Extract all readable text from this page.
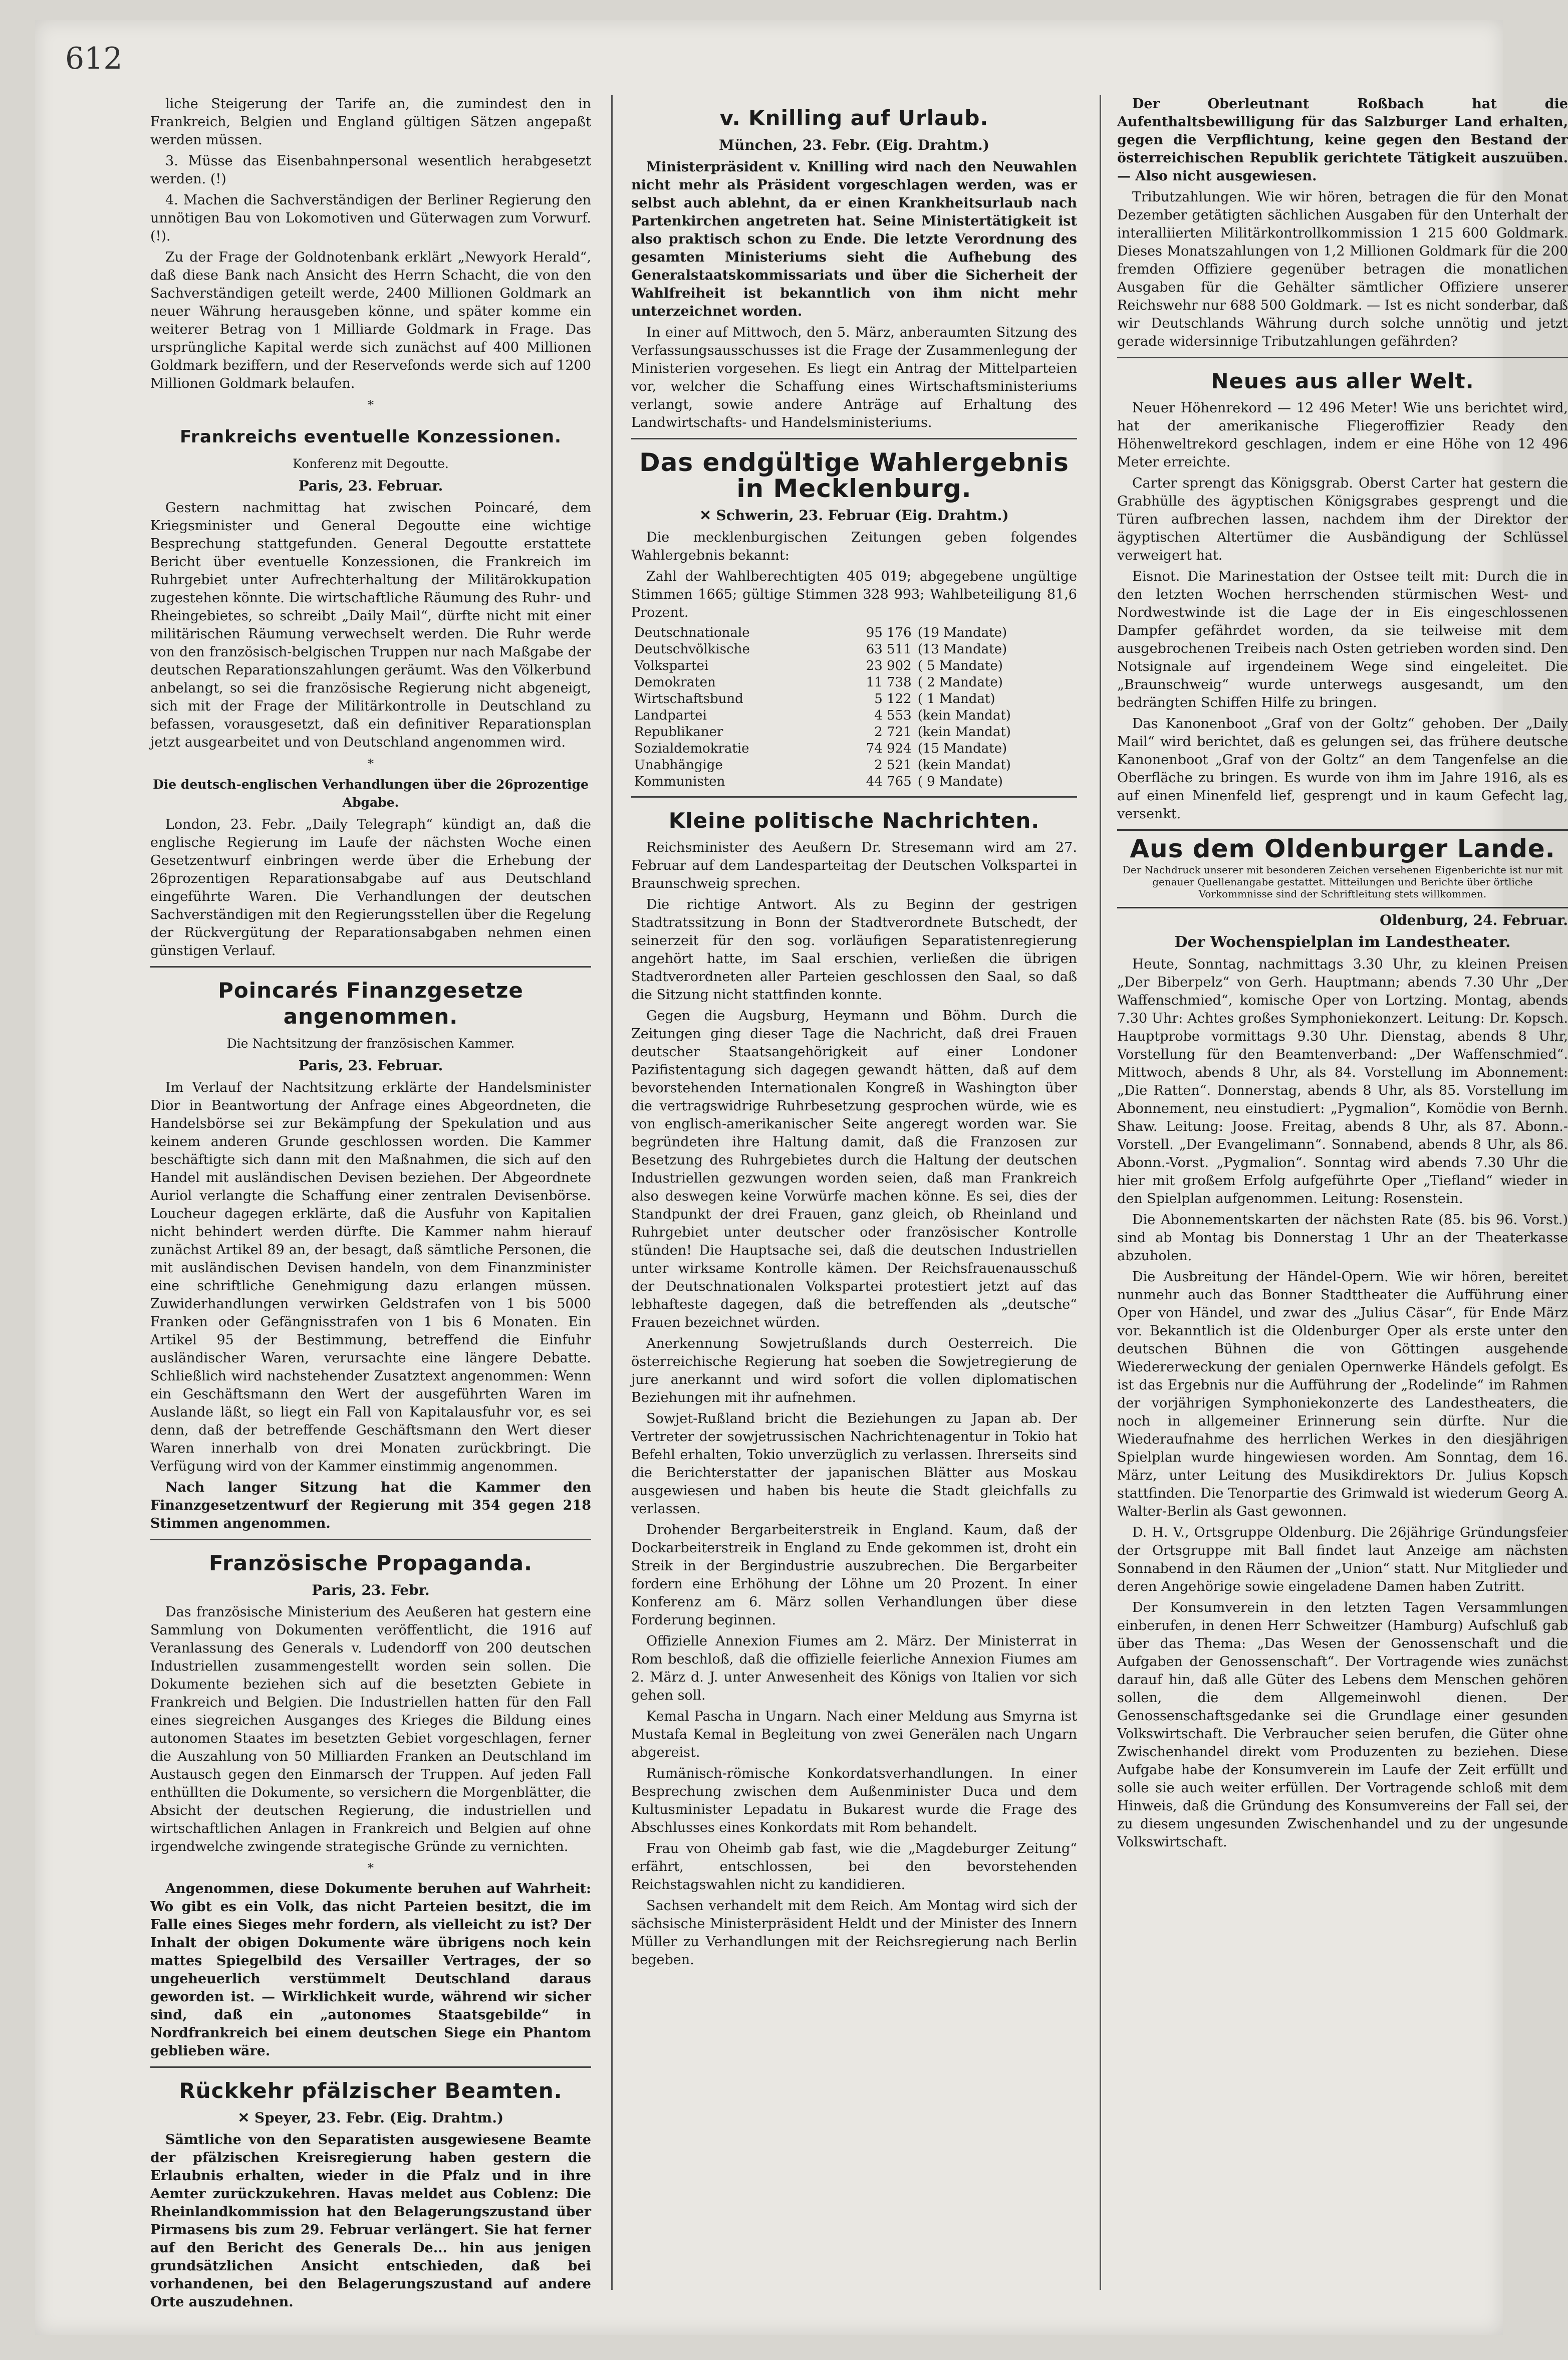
612

liche Steigerung der Tarife an, die zumindest den in Frankreich, Belgien und England gültigen Sätzen angepaßt werden müssen.

3. Müsse das Eisenbahnpersonal wesentlich herabgesetzt werden. (!)

4. Machen die Sachverständigen der Berliner Regierung den unnötigen Bau von Lokomotiven und Güterwagen zum Vorwurf. (!).

Zu der Frage der Goldnotenbank erklärt „Newyork Herald“, daß diese Bank nach Ansicht des Herrn Schacht, die von den Sachverständigen geteilt werde, 2400 Millionen Goldmark an neuer Währung herausgeben könne, und später komme ein weiterer Betrag von 1 Milliarde Goldmark in Frage. Das ursprüngliche Kapital werde sich zunächst auf 400 Millionen Goldmark beziffern, und der Reservefonds werde sich auf 1200 Millionen Goldmark belaufen.

*
Frankreichs eventuelle Konzessionen.
Konferenz mit Degoutte.
Paris, 23. Februar.

Gestern nachmittag hat zwischen Poincaré, dem Kriegsminister und General Degoutte eine wichtige Besprechung stattgefunden. General Degoutte erstattete Bericht über eventuelle Konzessionen, die Frankreich im Ruhrgebiet unter Aufrechterhaltung der Militärokkupation zugestehen könnte. Die wirtschaftliche Räumung des Ruhr- und Rheingebietes, so schreibt „Daily Mail“, dürfte nicht mit einer militärischen Räumung verwechselt werden. Die Ruhr werde von den französisch-belgischen Truppen nur nach Maßgabe der deutschen Reparationszahlungen geräumt. Was den Völkerbund anbelangt, so sei die französische Regierung nicht abgeneigt, sich mit der Frage der Militärkontrolle in Deutschland zu befassen, vorausgesetzt, daß ein definitiver Reparationsplan jetzt ausgearbeitet und von Deutschland angenommen wird.

*
Die deutsch-englischen Verhandlungen über die 26prozentige Abgabe.

London, 23. Febr. „Daily Telegraph“ kündigt an, daß die englische Regierung im Laufe der nächsten Woche einen Gesetzentwurf einbringen werde über die Erhebung der 26prozentigen Reparationsabgabe auf aus Deutschland eingeführte Waren. Die Verhandlungen der deutschen Sachverständigen mit den Regierungsstellen über die Regelung der Rückvergütung der Reparationsabgaben nehmen einen günstigen Verlauf.

Poincarés Finanzgesetze angenommen.
Die Nachtsitzung der französischen Kammer.
Paris, 23. Februar.

Im Verlauf der Nachtsitzung erklärte der Handelsminister Dior in Beantwortung der Anfrage eines Abgeordneten, die Handelsbörse sei zur Bekämpfung der Spekulation und aus keinem anderen Grunde geschlossen worden. Die Kammer beschäftigte sich dann mit den Maßnahmen, die sich auf den Handel mit ausländischen Devisen beziehen. Der Abgeordnete Auriol verlangte die Schaffung einer zentralen Devisenbörse. Loucheur dagegen erklärte, daß die Ausfuhr von Kapitalien nicht behindert werden dürfte. Die Kammer nahm hierauf zunächst Artikel 89 an, der besagt, daß sämtliche Personen, die mit ausländischen Devisen handeln, von dem Finanzminister eine schriftliche Genehmigung dazu erlangen müssen. Zuwiderhandlungen verwirken Geldstrafen von 1 bis 5000 Franken oder Gefängnisstrafen von 1 bis 6 Monaten. Ein Artikel 95 der Bestimmung, betreffend die Einfuhr ausländischer Waren, verursachte eine längere Debatte. Schließlich wird nachstehender Zusatztext angenommen: Wenn ein Geschäftsmann den Wert der ausgeführten Waren im Auslande läßt, so liegt ein Fall von Kapitalausfuhr vor, es sei denn, daß der betreffende Geschäftsmann den Wert dieser Waren innerhalb von drei Monaten zurückbringt. Die Verfügung wird von der Kammer einstimmig angenommen.

Nach langer Sitzung hat die Kammer den Finanzgesetzentwurf der Regierung mit 354 gegen 218 Stimmen angenommen.

Französische Propaganda.
Paris, 23. Febr.

Das französische Ministerium des Aeußeren hat gestern eine Sammlung von Dokumenten veröffentlicht, die 1916 auf Veranlassung des Generals v. Ludendorff von 200 deutschen Industriellen zusammengestellt worden sein sollen. Die Dokumente beziehen sich auf die besetzten Gebiete in Frankreich und Belgien. Die Industriellen hatten für den Fall eines siegreichen Ausganges des Krieges die Bildung eines autonomen Staates im besetzten Gebiet vorgeschlagen, ferner die Auszahlung von 50 Milliarden Franken an Deutschland im Austausch gegen den Einmarsch der Truppen. Auf jeden Fall enthüllten die Dokumente, so versichern die Morgenblätter, die Absicht der deutschen Regierung, die industriellen und wirtschaftlichen Anlagen in Frankreich und Belgien auf ohne irgendwelche zwingende strategische Gründe zu vernichten.

*

Angenommen, diese Dokumente beruhen auf Wahrheit: Wo gibt es ein Volk, das nicht Parteien besitzt, die im Falle eines Sieges mehr fordern, als vielleicht zu ist? Der Inhalt der obigen Dokumente wäre übrigens noch kein mattes Spiegelbild des Versailler Vertrages, der so ungeheuerlich verstümmelt Deutschland daraus geworden ist. — Wirklichkeit wurde, während wir sicher sind, daß ein „autonomes Staatsgebilde“ in Nordfrankreich bei einem deutschen Siege ein Phantom geblieben wäre.

Rückkehr pfälzischer Beamten.
✕ Speyer, 23. Febr. (Eig. Drahtm.)

Sämtliche von den Separatisten ausgewiesene Beamte der pfälzischen Kreisregierung haben gestern die Erlaubnis erhalten, wieder in die Pfalz und in ihre Aemter zurückzukehren. Havas meldet aus Coblenz: Die Rheinlandkommission hat den Belagerungszustand über Pirmasens bis zum 29. Februar verlängert. Sie hat ferner auf den Bericht des Generals De... hin aus jenigen grundsätzlichen Ansicht entschieden, daß bei vorhandenen, bei den Belagerungszustand auf andere Orte auszudehnen.

v. Knilling auf Urlaub.
München, 23. Febr. (Eig. Drahtm.)

Ministerpräsident v. Knilling wird nach den Neuwahlen nicht mehr als Präsident vorgeschlagen werden, was er selbst auch ablehnt, da er einen Krankheitsurlaub nach Partenkirchen angetreten hat. Seine Ministertätigkeit ist also praktisch schon zu Ende. Die letzte Verordnung des gesamten Ministeriums sieht die Aufhebung des Generalstaatskommissariats und über die Sicherheit der Wahlfreiheit ist bekanntlich von ihm nicht mehr unterzeichnet worden.

In einer auf Mittwoch, den 5. März, anberaumten Sitzung des Verfassungsausschusses ist die Frage der Zusammenlegung der Ministerien vorgesehen. Es liegt ein Antrag der Mittelparteien vor, welcher die Schaffung eines Wirtschaftsministeriums verlangt, sowie andere Anträge auf Erhaltung des Landwirtschafts- und Handelsministeriums.

Das endgültige Wahlergebnis in Mecklenburg.
✕ Schwerin, 23. Februar (Eig. Drahtm.)

Die mecklenburgischen Zeitungen geben folgendes Wahlergebnis bekannt:

Zahl der Wahlberechtigten 405 019; abgegebene ungültige Stimmen 1665; gültige Stimmen 328 993; Wahlbeteiligung 81,6 Prozent.

Deutschnationale	95 176	(19 Mandate)
Deutschvölkische	63 511	(13 Mandate)
Volkspartei	23 902	( 5 Mandate)
Demokraten	11 738	( 2 Mandate)
Wirtschaftsbund	5 122	( 1 Mandat)
Landpartei	4 553	(kein Mandat)
Republikaner	2 721	(kein Mandat)
Sozialdemokratie	74 924	(15 Mandate)
Unabhängige	2 521	(kein Mandat)
Kommunisten	44 765	( 9 Mandate)
Kleine politische Nachrichten.

Reichsminister des Aeußern Dr. Stresemann wird am 27. Februar auf dem Landesparteitag der Deutschen Volkspartei in Braunschweig sprechen.

Die richtige Antwort. Als zu Beginn der gestrigen Stadtratssitzung in Bonn der Stadtverordnete Butschedt, der seinerzeit für den sog. vorläufigen Separatistenregierung angehört hatte, im Saal erschien, verließen die übrigen Stadtverordneten aller Parteien geschlossen den Saal, so daß die Sitzung nicht stattfinden konnte.

Gegen die Augsburg, Heymann und Böhm. Durch die Zeitungen ging dieser Tage die Nachricht, daß drei Frauen deutscher Staatsangehörigkeit auf einer Londoner Pazifistentagung sich dagegen gewandt hätten, daß auf dem bevorstehenden Internationalen Kongreß in Washington über die vertragswidrige Ruhrbesetzung gesprochen würde, wie es von englisch-amerikanischer Seite angeregt worden war. Sie begründeten ihre Haltung damit, daß die Franzosen zur Besetzung des Ruhrgebietes durch die Haltung der deutschen Industriellen gezwungen worden seien, daß man Frankreich also deswegen keine Vorwürfe machen könne. Es sei, dies der Standpunkt der drei Frauen, ganz gleich, ob Rheinland und Ruhrgebiet unter deutscher oder französischer Kontrolle stünden! Die Hauptsache sei, daß die deutschen Industriellen unter wirksame Kontrolle kämen. Der Reichsfrauenausschuß der Deutschnationalen Volkspartei protestiert jetzt auf das lebhafteste dagegen, daß die betreffenden als „deutsche“ Frauen bezeichnet würden.

Anerkennung Sowjetrußlands durch Oesterreich. Die österreichische Regierung hat soeben die Sowjetregierung de jure anerkannt und wird sofort die vollen diplomatischen Beziehungen mit ihr aufnehmen.

Sowjet-Rußland bricht die Beziehungen zu Japan ab. Der Vertreter der sowjetrussischen Nachrichtenagentur in Tokio hat Befehl erhalten, Tokio unverzüglich zu verlassen. Ihrerseits sind die Berichterstatter der japanischen Blätter aus Moskau ausgewiesen und haben bis heute die Stadt gleichfalls zu verlassen.

Drohender Bergarbeiterstreik in England. Kaum, daß der Dockarbeiterstreik in England zu Ende gekommen ist, droht ein Streik in der Bergindustrie auszubrechen. Die Bergarbeiter fordern eine Erhöhung der Löhne um 20 Prozent. In einer Konferenz am 6. März sollen Verhandlungen über diese Forderung beginnen.

Offizielle Annexion Fiumes am 2. März. Der Ministerrat in Rom beschloß, daß die offizielle feierliche Annexion Fiumes am 2. März d. J. unter Anwesenheit des Königs von Italien vor sich gehen soll.

Kemal Pascha in Ungarn. Nach einer Meldung aus Smyrna ist Mustafa Kemal in Begleitung von zwei Generälen nach Ungarn abgereist.

Rumänisch-römische Konkordatsverhandlungen. In einer Besprechung zwischen dem Außenminister Duca und dem Kultusminister Lepadatu in Bukarest wurde die Frage des Abschlusses eines Konkordats mit Rom behandelt.

Frau von Oheimb gab fast, wie die „Magdeburger Zeitung“ erfährt, entschlossen, bei den bevorstehenden Reichstagswahlen nicht zu kandidieren.

Sachsen verhandelt mit dem Reich. Am Montag wird sich der sächsische Ministerpräsident Heldt und der Minister des Innern Müller zu Verhandlungen mit der Reichsregierung nach Berlin begeben.

Der Oberleutnant Roßbach hat die Aufenthaltsbewilligung für das Salzburger Land erhalten, gegen die Verpflichtung, keine gegen den Bestand der österreichischen Republik gerichtete Tätigkeit auszuüben. — Also nicht ausgewiesen.

Tributzahlungen. Wie wir hören, betragen die für den Monat Dezember getätigten sächlichen Ausgaben für den Unterhalt der interalliierten Militärkontrollkommission 1 215 600 Goldmark. Dieses Monatszahlungen von 1,2 Millionen Goldmark für die 200 fremden Offiziere gegenüber betragen die monatlichen Ausgaben für die Gehälter sämtlicher Offiziere unserer Reichswehr nur 688 500 Goldmark. — Ist es nicht sonderbar, daß wir Deutschlands Währung durch solche unnötig und jetzt gerade widersinnige Tributzahlungen gefährden?

Neues aus aller Welt.

Neuer Höhenrekord — 12 496 Meter! Wie uns berichtet wird, hat der amerikanische Fliegeroffizier Ready den Höhenweltrekord geschlagen, indem er eine Höhe von 12 496 Meter erreichte.

Carter sprengt das Königsgrab. Oberst Carter hat gestern die Grabhülle des ägyptischen Königsgrabes gesprengt und die Türen aufbrechen lassen, nachdem ihm der Direktor der ägyptischen Altertümer die Ausbändigung der Schlüssel verweigert hat.

Eisnot. Die Marinestation der Ostsee teilt mit: Durch die in den letzten Wochen herrschenden stürmischen West- und Nordwestwinde ist die Lage der in Eis eingeschlossenen Dampfer gefährdet worden, da sie teilweise mit dem ausgebrochenen Treibeis nach Osten getrieben worden sind. Den Notsignale auf irgendeinem Wege sind eingeleitet. Die „Braunschweig“ wurde unterwegs ausgesandt, um den bedrängten Schiffen Hilfe zu bringen.

Das Kanonenboot „Graf von der Goltz“ gehoben. Der „Daily Mail“ wird berichtet, daß es gelungen sei, das frühere deutsche Kanonenboot „Graf von der Goltz“ an dem Tangenfelse an die Oberfläche zu bringen. Es wurde von ihm im Jahre 1916, als es auf einen Minenfeld lief, gesprengt und in kaum Gefecht lag, versenkt.

Aus dem Oldenburger Lande.
Der Nachdruck unserer mit besonderen Zeichen versehenen Eigenberichte ist nur mit genauer Quellenangabe gestattet. Mitteilungen und Berichte über örtliche Vorkommnisse sind der Schriftleitung stets willkommen.
Oldenburg, 24. Februar.
Der Wochenspielplan im Landestheater.

Heute, Sonntag, nachmittags 3.30 Uhr, zu kleinen Preisen „Der Biberpelz“ von Gerh. Hauptmann; abends 7.30 Uhr „Der Waffenschmied“, komische Oper von Lortzing. Montag, abends 7.30 Uhr: Achtes großes Symphoniekonzert. Leitung: Dr. Kopsch. Hauptprobe vormittags 9.30 Uhr. Dienstag, abends 8 Uhr, Vorstellung für den Beamtenverband: „Der Waffenschmied“. Mittwoch, abends 8 Uhr, als 84. Vorstellung im Abonnement: „Die Ratten“. Donnerstag, abends 8 Uhr, als 85. Vorstellung im Abonnement, neu einstudiert: „Pygmalion“, Komödie von Bernh. Shaw. Leitung: Joose. Freitag, abends 8 Uhr, als 87. Abonn.-Vorstell. „Der Evangelimann“. Sonnabend, abends 8 Uhr, als 86. Abonn.-Vorst. „Pygmalion“. Sonntag wird abends 7.30 Uhr die hier mit großem Erfolg aufgeführte Oper „Tiefland“ wieder in den Spielplan aufgenommen. Leitung: Rosenstein.

Die Abonnementskarten der nächsten Rate (85. bis 96. Vorst.) sind ab Montag bis Donnerstag 1 Uhr an der Theaterkasse abzuholen.

Die Ausbreitung der Händel-Opern. Wie wir hören, bereitet nunmehr auch das Bonner Stadttheater die Aufführung einer Oper von Händel, und zwar des „Julius Cäsar“, für Ende März vor. Bekanntlich ist die Oldenburger Oper als erste unter den deutschen Bühnen die von Göttingen ausgehende Wiedererweckung der genialen Opernwerke Händels gefolgt. Es ist das Ergebnis nur die Aufführung der „Rodelinde“ im Rahmen der vorjährigen Symphoniekonzerte des Landestheaters, die noch in allgemeiner Erinnerung sein dürfte. Nur die Wiederaufnahme des herrlichen Werkes in den diesjährigen Spielplan wurde hingewiesen worden. Am Sonntag, dem 16. März, unter Leitung des Musikdirektors Dr. Julius Kopsch stattfinden. Die Tenorpartie des Grimwald ist wiederum Georg A. Walter-Berlin als Gast gewonnen.

D. H. V., Ortsgruppe Oldenburg. Die 26jährige Gründungsfeier der Ortsgruppe mit Ball findet laut Anzeige am nächsten Sonnabend in den Räumen der „Union“ statt. Nur Mitglieder und deren Angehörige sowie eingeladene Damen haben Zutritt.

Der Konsumverein in den letzten Tagen Versammlungen einberufen, in denen Herr Schweitzer (Hamburg) Aufschluß gab über das Thema: „Das Wesen der Genossenschaft und die Aufgaben der Genossenschaft“. Der Vortragende wies zunächst darauf hin, daß alle Güter des Lebens dem Menschen gehören sollen, die dem Allgemeinwohl dienen. Der Genossenschaftsgedanke sei die Grundlage einer gesunden Volkswirtschaft. Die Verbraucher seien berufen, die Güter ohne Zwischenhandel direkt vom Produzenten zu beziehen. Diese Aufgabe habe der Konsumverein im Laufe der Zeit erfüllt und solle sie auch weiter erfüllen. Der Vortragende schloß mit dem Hinweis, daß die Gründung des Konsumvereins der Fall sei, der zu diesem ungesunden Zwischenhandel und zu der ungesunde Volkswirtschaft.
